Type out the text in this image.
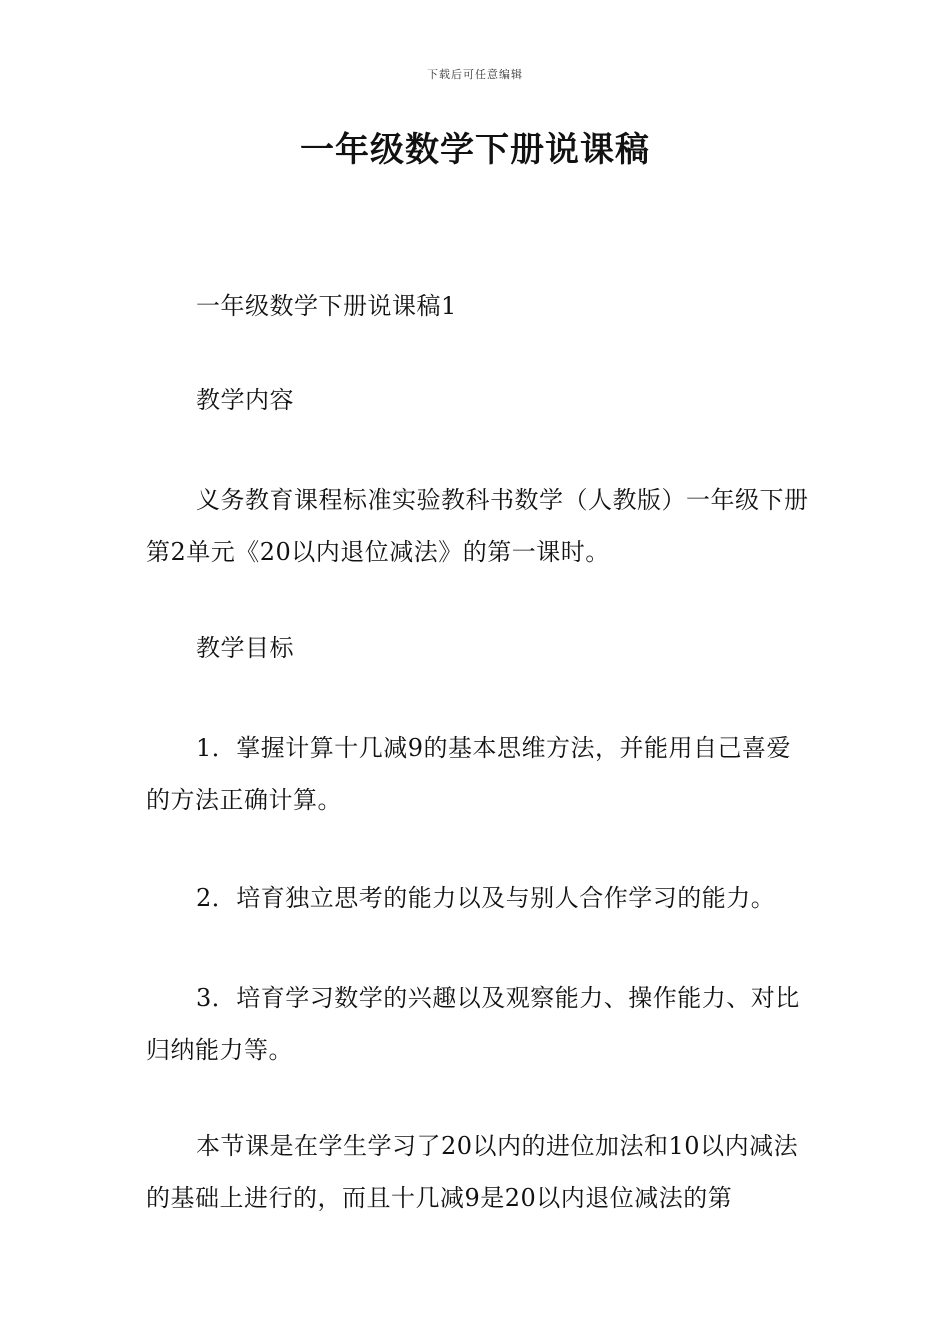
下载后可任意编辑
一年级数学下册说课稿

一年级数学下册说课稿1

教学内容

义务教育课程标准实验教科书数学（人教版）一年级下册第2单元《20以内退位减法》的第一课时。

教学目标

1．掌握计算十几减9的基本思维方法，并能用自己喜爱的方法正确计算。

2．培育独立思考的能力以及与别人合作学习的能力。

3．培育学习数学的兴趣以及观察能力、操作能力、对比归纳能力等。

本节课是在学生学习了20以内的进位加法和10以内减法的基础上进行的，而且十几减9是20以内退位减法的第
